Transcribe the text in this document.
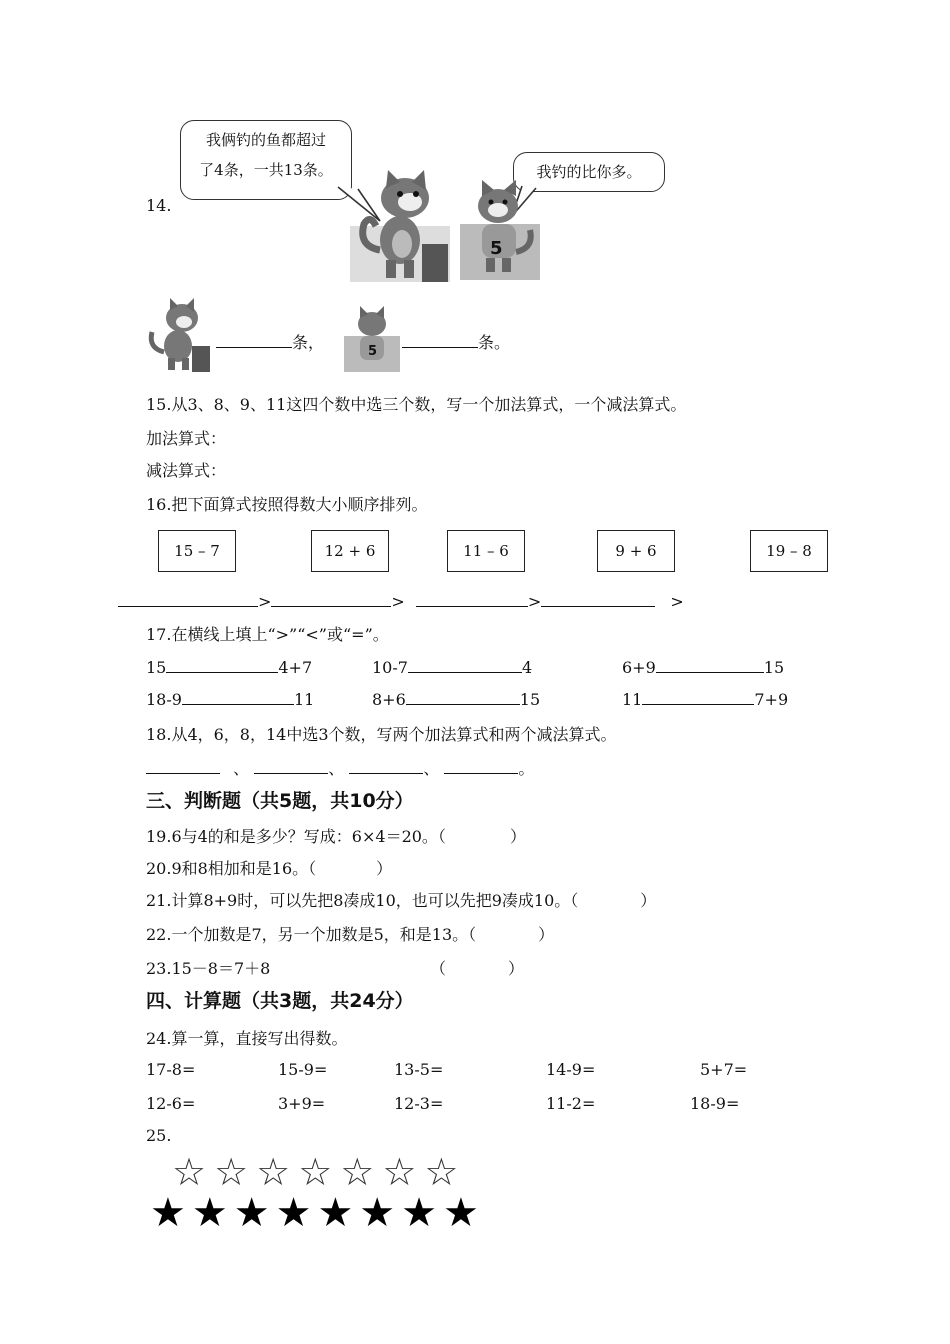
14.
我俩钓的鱼都超过
了4条，一共13条。	我钓的比你多。
5
条，	5	条。
15.从3、8、9、11这四个数中选三个数，写一个加法算式，一个减法算式。
加法算式：
减法算式：
16.把下面算式按照得数大小顺序排列。
15 – 7	12 + 6	11 – 6	9 + 6	19 – 8
>	>	>	>
17.在横线上填上“>”“<”或“=”。
15	4+7	10-7	4	6+9	15
18-9	11	8+6	15	11	7+9
18.从4，6，8，14中选3个数，写两个加法算式和两个减法算式。
、	、	、	。
三、判断题（共5题，共10分）
19.6与4的和是多少？写成：6×4＝20。（	）
20.9和8相加和是16。（	）
21.计算8+9时，可以先把8凑成10，也可以先把9凑成10。（	）
22.一个加数是7，另一个加数是5，和是13。（	）
23.15－8＝7＋8	（	）
四、计算题（共3题，共24分）
24.算一算，直接写出得数。
17-8=	15-9=	13-5=	14-9=	5+7=
12-6=	3+9=	12-3=	11-2=	18-9=
25.
☆☆☆☆☆☆☆
★★★★★★★★
